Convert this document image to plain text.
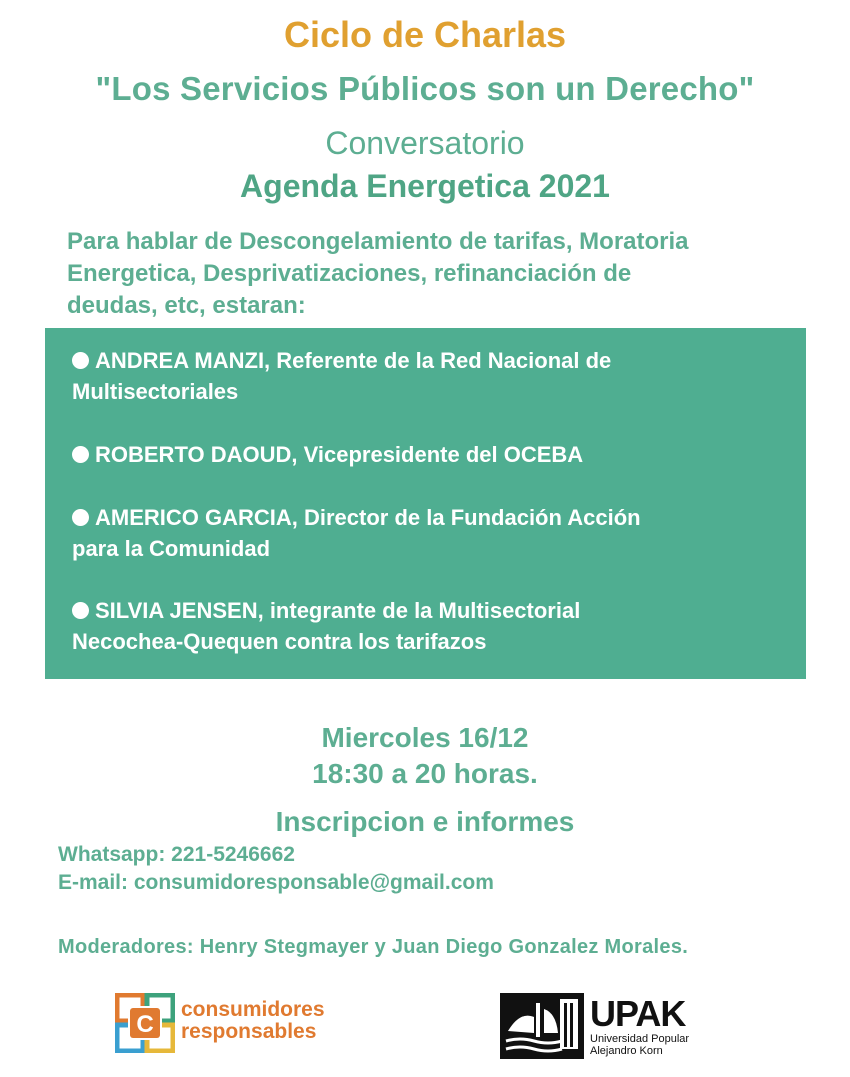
Ciclo de Charlas
"Los Servicios Públicos son un Derecho"
Conversatorio
Agenda Energetica 2021
Para hablar de Descongelamiento de tarifas, Moratoria
Energetica, Desprivatizaciones, refinanciación de
deudas, etc, estaran:
ANDREA MANZI, Referente de la Red Nacional de
Multisectoriales
ROBERTO DAOUD, Vicepresidente del OCEBA
AMERICO GARCIA, Director de la Fundación Acción
para la Comunidad
SILVIA JENSEN, integrante de la Multisectorial
Necochea-Quequen contra los tarifazos
Miercoles 16/12
18:30 a 20 horas.
Inscripcion e informes
Whatsapp: 221-5246662
E-mail: consumidoresponsable@gmail.com
Moderadores: Henry Stegmayer y Juan Diego Gonzalez Morales.
C
consumidores
responsables	UPAK
Universidad Popular
Alejandro Korn
